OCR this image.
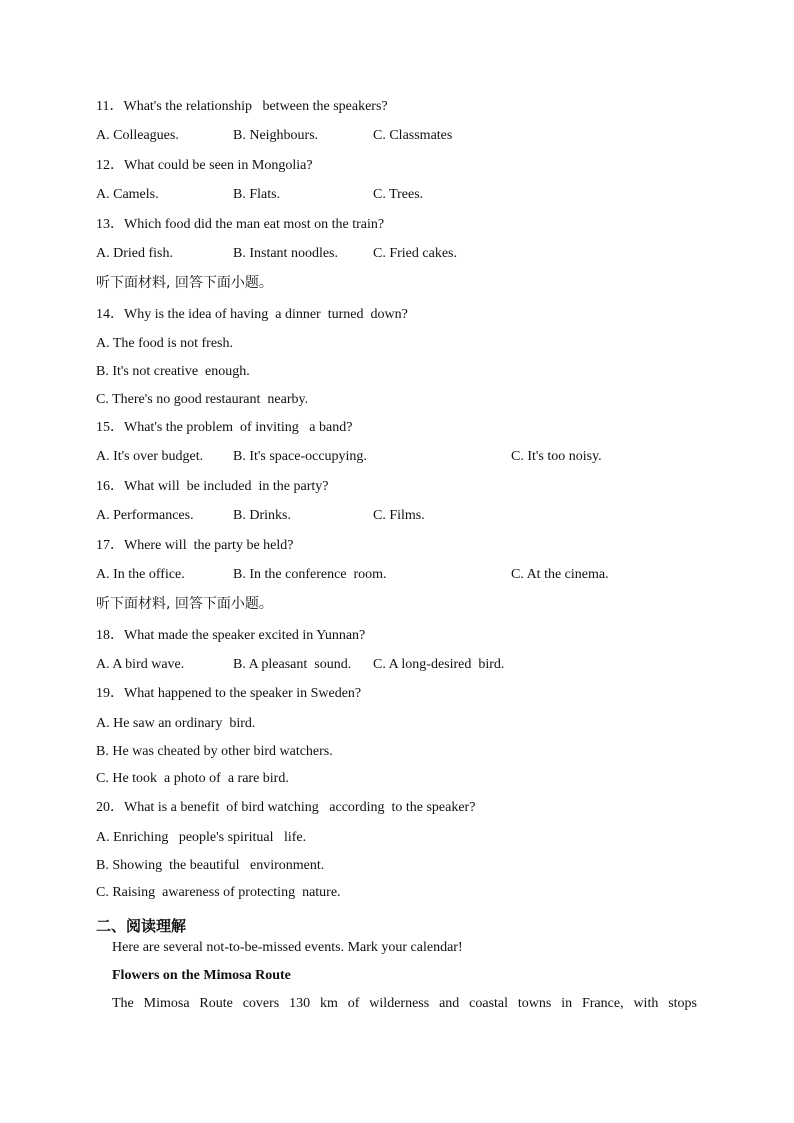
11．What's the relationship   between the speakers?
A. Colleagues.	B. Neighbours.	C. Classmates
12．What could be seen in Mongolia?
A. Camels.	B. Flats.	C. Trees.
13．Which food did the man eat most on the train?
A. Dried fish.	B. Instant noodles.	C. Fried cakes.
听下面材料, 回答下面小题。
14．Why is the idea of having  a dinner  turned  down?
A. The food is not fresh.
B. It's not creative  enough.
C. There's no good restaurant  nearby.
15．What's the problem  of inviting   a band?
A. It's over budget. B. It's space-occupying.	C. It's too noisy.
16．What will  be included  in the party?
A. Performances.	B. Drinks.	C. Films.
17．Where will  the party be held?
A. In the office.	B. In the conference  room.	C. At the cinema.
听下面材料, 回答下面小题。
18．What made the speaker excited in Yunnan?
A. A bird wave.	B. A pleasant  sound. C. A long-desired  bird.
19．What happened to the speaker in Sweden?
A. He saw an ordinary  bird.
B. He was cheated by other bird watchers.
C. He took  a photo of  a rare bird.
20．What is a benefit  of bird watching   according  to the speaker?
A. Enriching   people's spiritual   life.
B. Showing  the beautiful   environment.
C. Raising  awareness of protecting  nature.
二、阅读理解
Here are several not-to-be-missed events. Mark your calendar!
Flowers on the Mimosa Route
The Mimosa Route covers 130 km of wilderness and coastal towns in France, with stops
